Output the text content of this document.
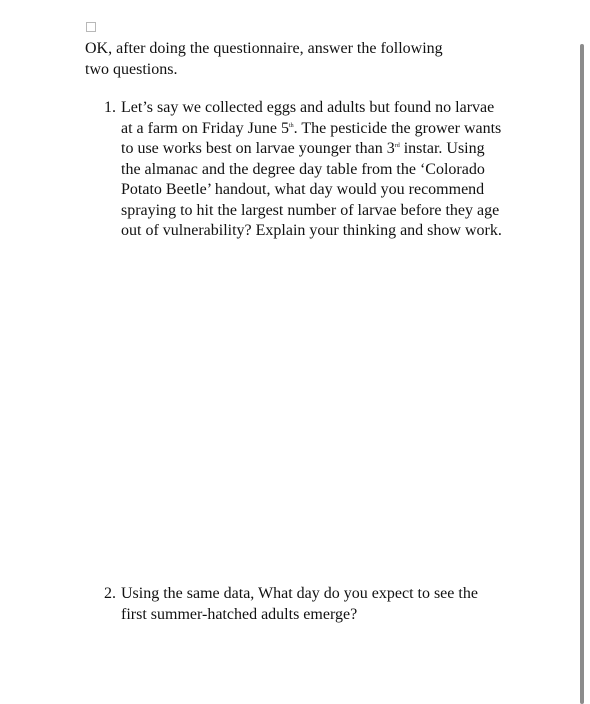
OK, after doing the questionnaire, answer the following
two questions.

1. Let’s say we collected eggs and adults but found no larvae at a farm on Friday June 5th. The pesticide the grower wants to use works best on larvae younger than 3rd instar. Using the almanac and the degree day table from the ‘Colorado Potato Beetle’ handout, what day would you recommend spraying to hit the largest number of larvae before they age out of vulnerability? Explain your thinking and show work.
2. Using the same data, What day do you expect to see the first summer-hatched adults emerge?
